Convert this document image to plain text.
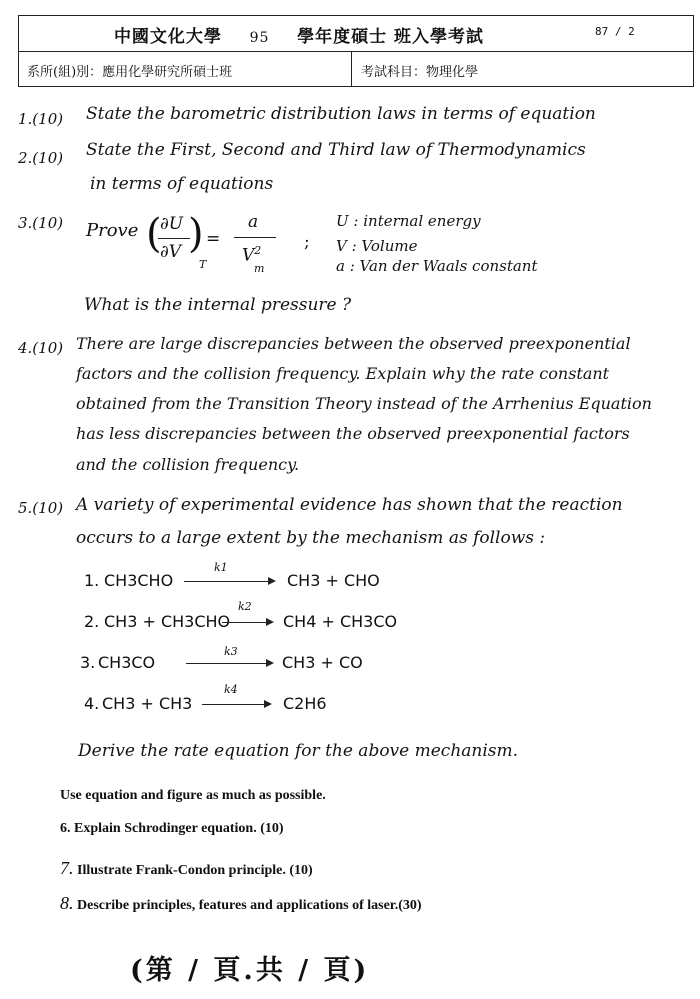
中國文化大學 95 學年度碩士 班入學考試	87 / 2
系所(組)別：應用化學研究所碩士班	考試科目：物理化學
1.(10) State the barometric distribution laws in terms of equation
2.(10) State the First, Second and Third law of Thermodynamics
in terms of equations
3.(10) Prove (
∂U
∂V )
T
=
a
$V^2$
m
;
U : internal energy
V : Volume
a : Van der Waals constant
What is the internal pressure ?
4.(10) There are large discrepancies between the observed preexponential
factors and the collision frequency. Explain why the rate constant
obtained from the Transition Theory instead of the Arrhenius Equation
has less discrepancies between the observed preexponential factors
and the collision frequency.
5.(10) A variety of experimental evidence has shown that the reaction
occurs to a large extent by the mechanism as follows :
1. CH3CHO
k1
CH3 + CHO
2. CH3 + CH3CHO
k2
CH4 + CH3CO
3. CH3CO
k3
CH3 + CO
4. CH3 + CH3
k4
C2H6
Derive the rate equation for the above mechanism.
Use equation and figure as much as possible.
6. Explain Schrodinger equation. (10)
7. Illustrate Frank-Condon principle. (10)
8. Describe principles, features and applications of laser.(30)
(第 / 頁.共 / 頁)
